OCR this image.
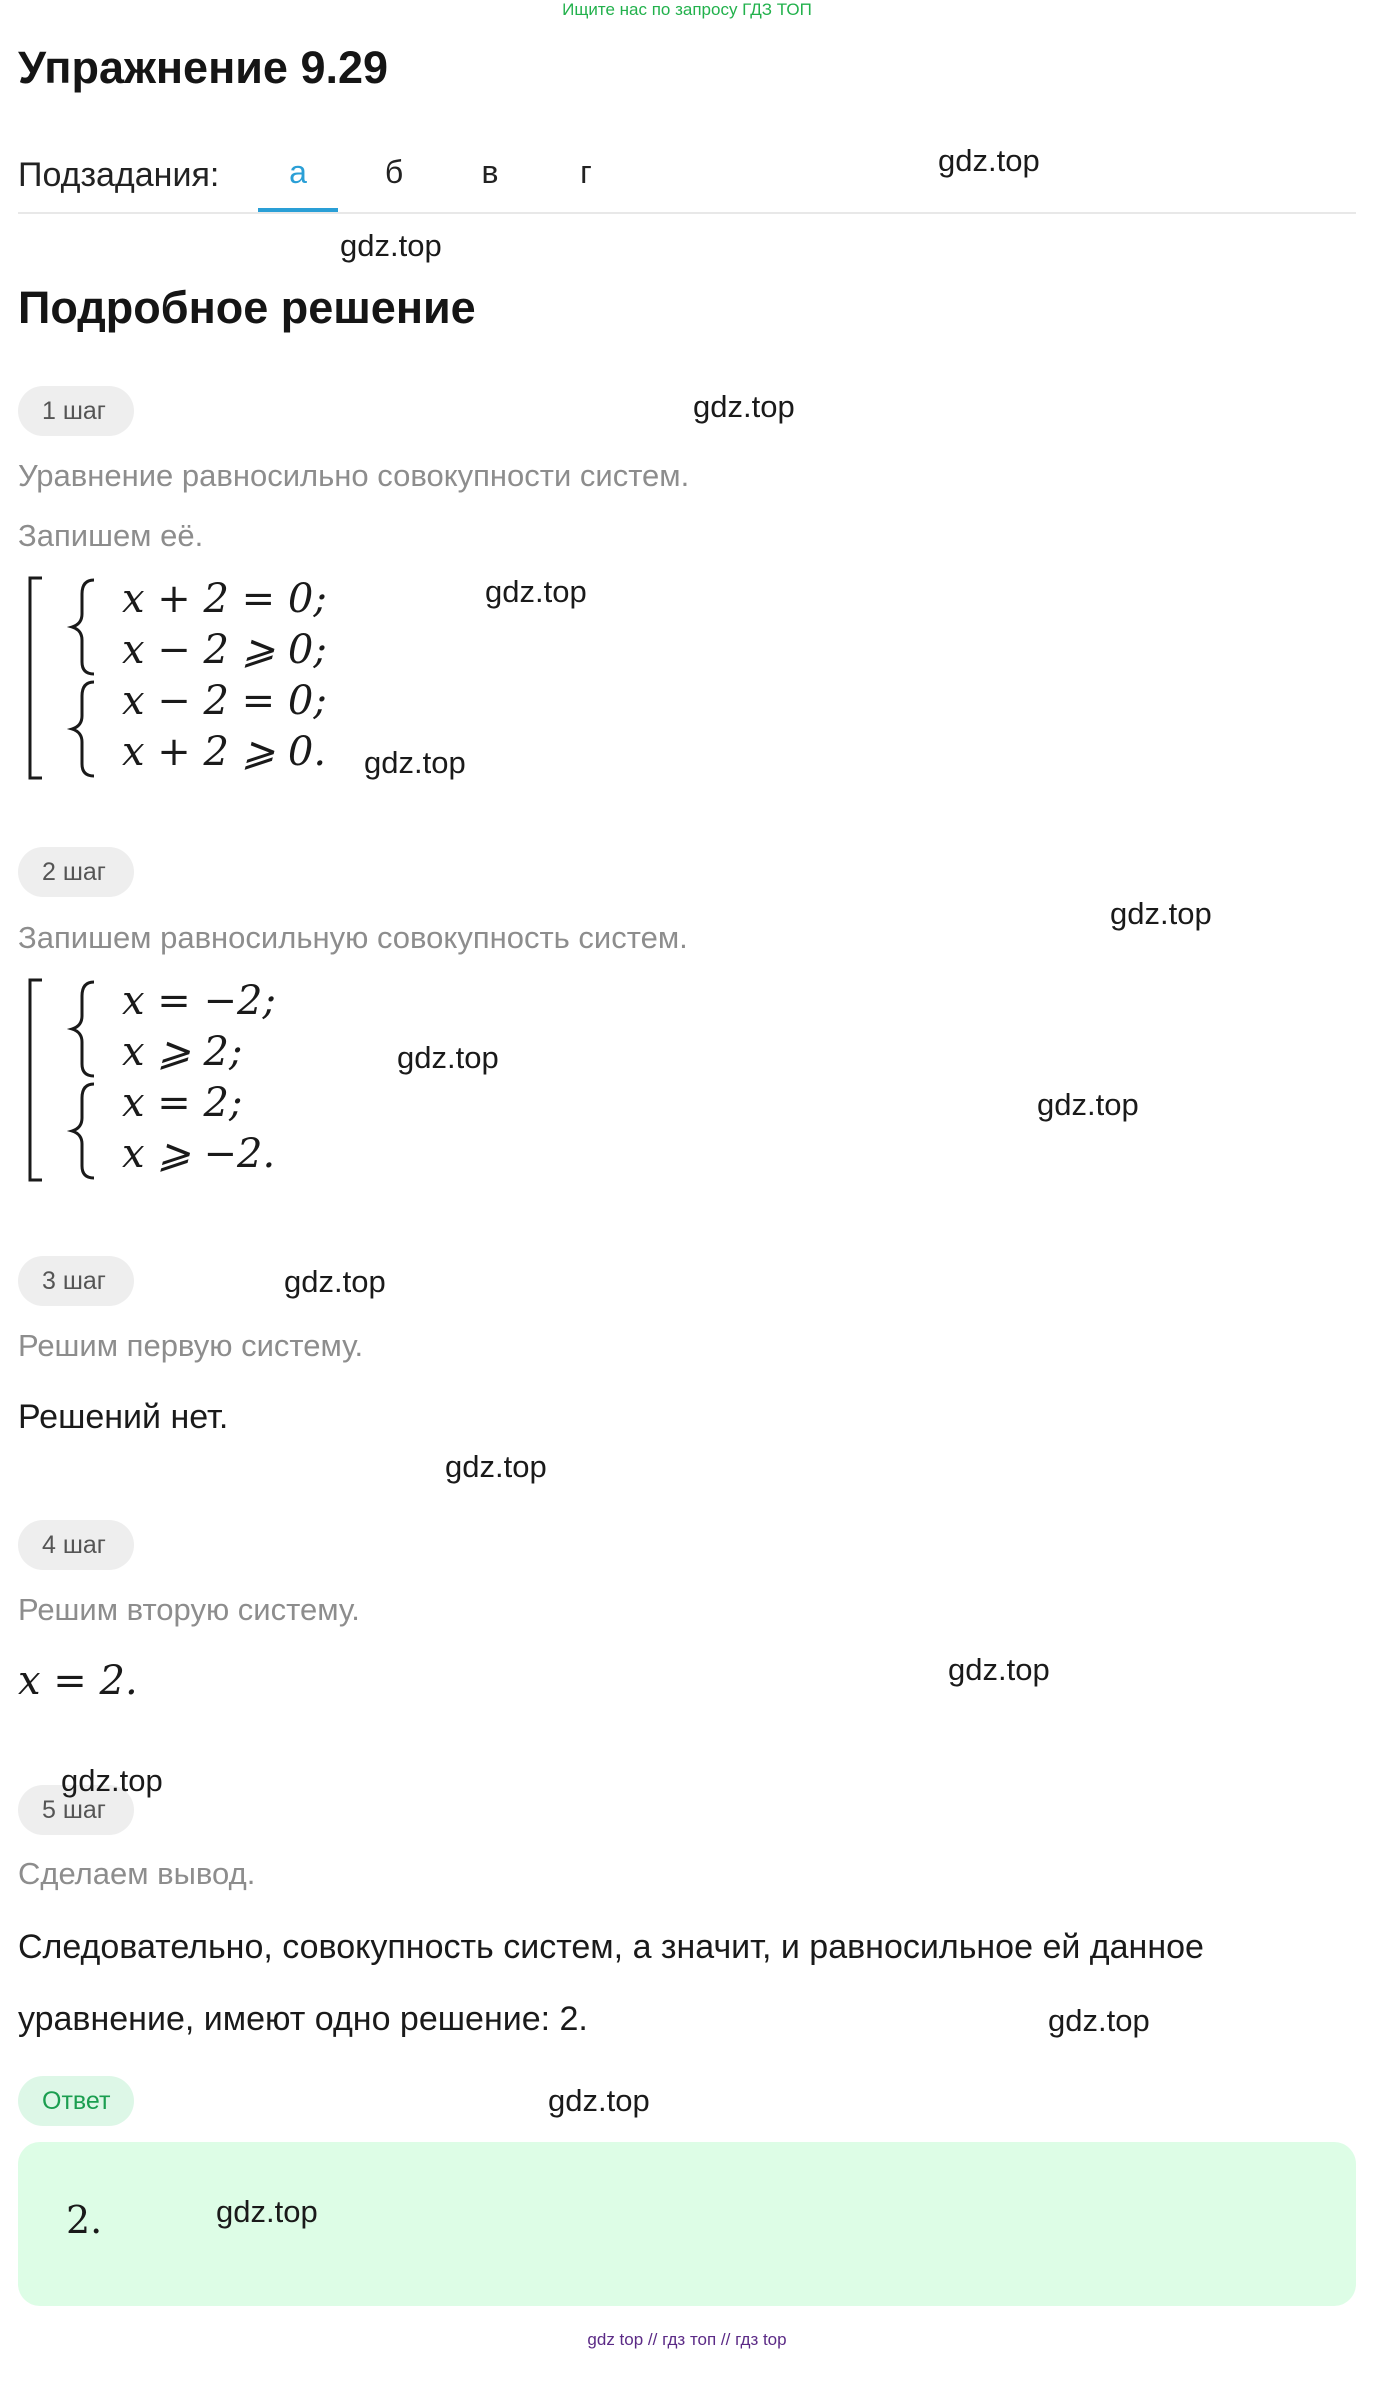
Ищите нас по запросу ГДЗ ТОП
Упражнение 9.29
Подзадания:	а	б	в	г
Подробное решение
1 шаг
Уравнение равносильно совокупности систем.
Запишем её.
x + 2 = 0;
x − 2 ⩾ 0;
x − 2 = 0;
x + 2 ⩾ 0.
2 шаг
Запишем равносильную совокупность систем.
x = −2;
x ⩾ 2;
x = 2;
x ⩾ −2.
3 шаг
Решим первую систему.
Решений нет.
4 шаг
Решим вторую систему.
x = 2.
5 шаг
Сделаем вывод.
Следовательно, совокупность систем, а значит, и равносильное ей данное
уравнение, имеют одно решение: 2.
Ответ
2.
gdz.top
gdz.top
gdz.top
gdz.top
gdz.top
gdz.top
gdz.top
gdz.top
gdz.top
gdz.top
gdz.top
gdz.top
gdz.top
gdz.top
gdz.top
gdz top // гдз топ // гдз top
